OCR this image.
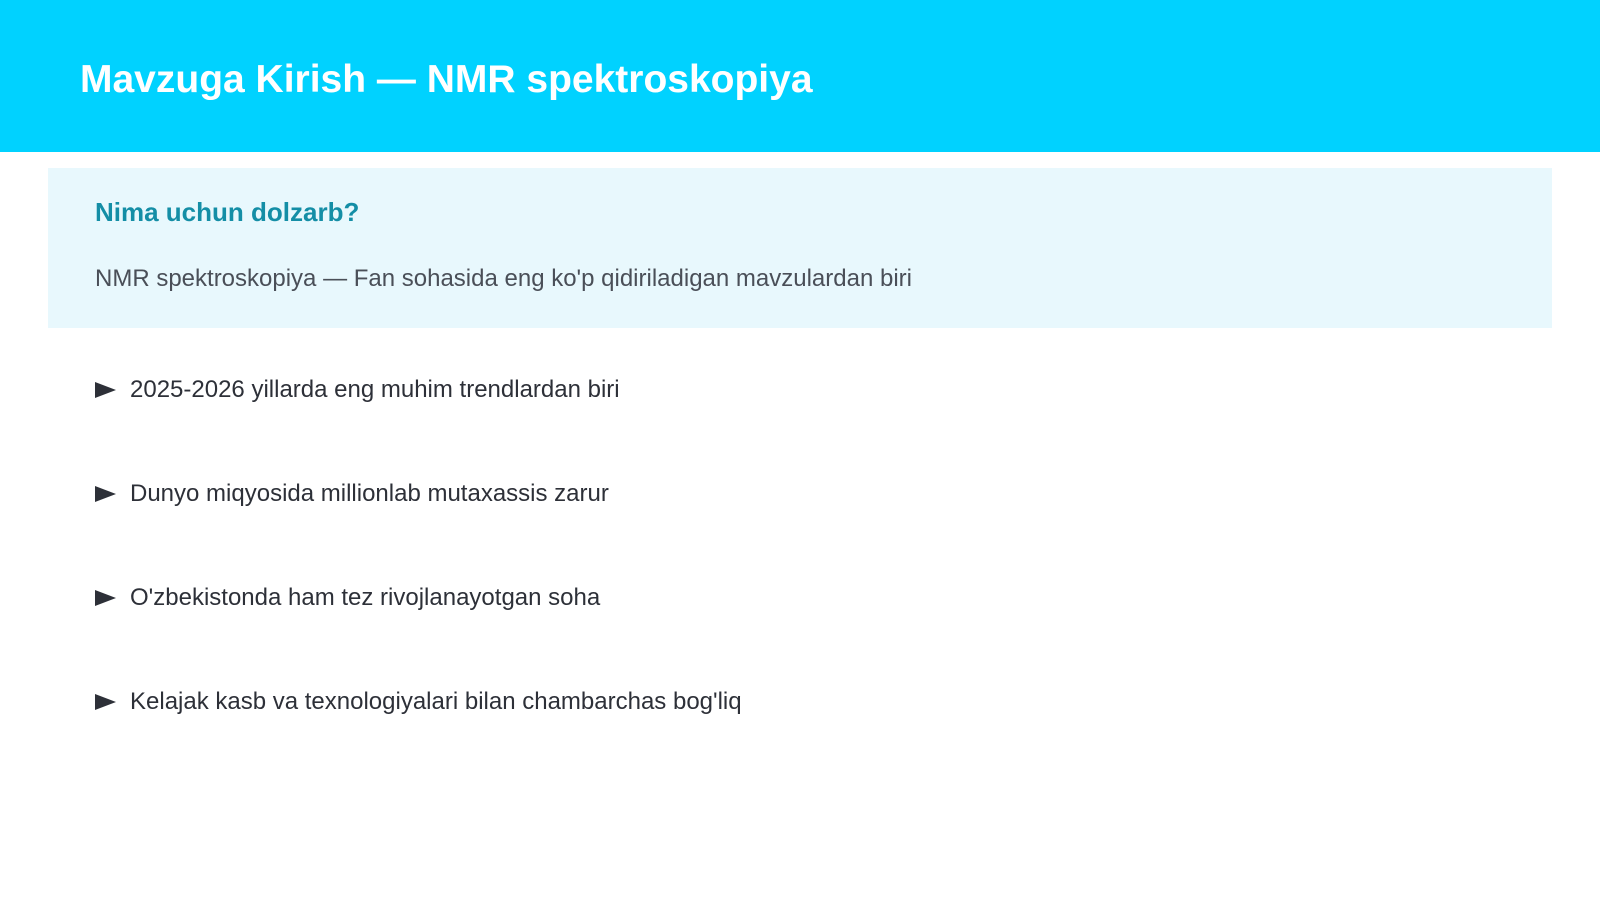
Mavzuga Kirish — NMR spektroskopiya
Nima uchun dolzarb?

NMR spektroskopiya — Fan sohasida eng ko'p qidiriladigan mavzulardan biri

2025-2026 yillarda eng muhim trendlardan biri
Dunyo miqyosida millionlab mutaxassis zarur
O'zbekistonda ham tez rivojlanayotgan soha
Kelajak kasb va texnologiyalari bilan chambarchas bog'liq
